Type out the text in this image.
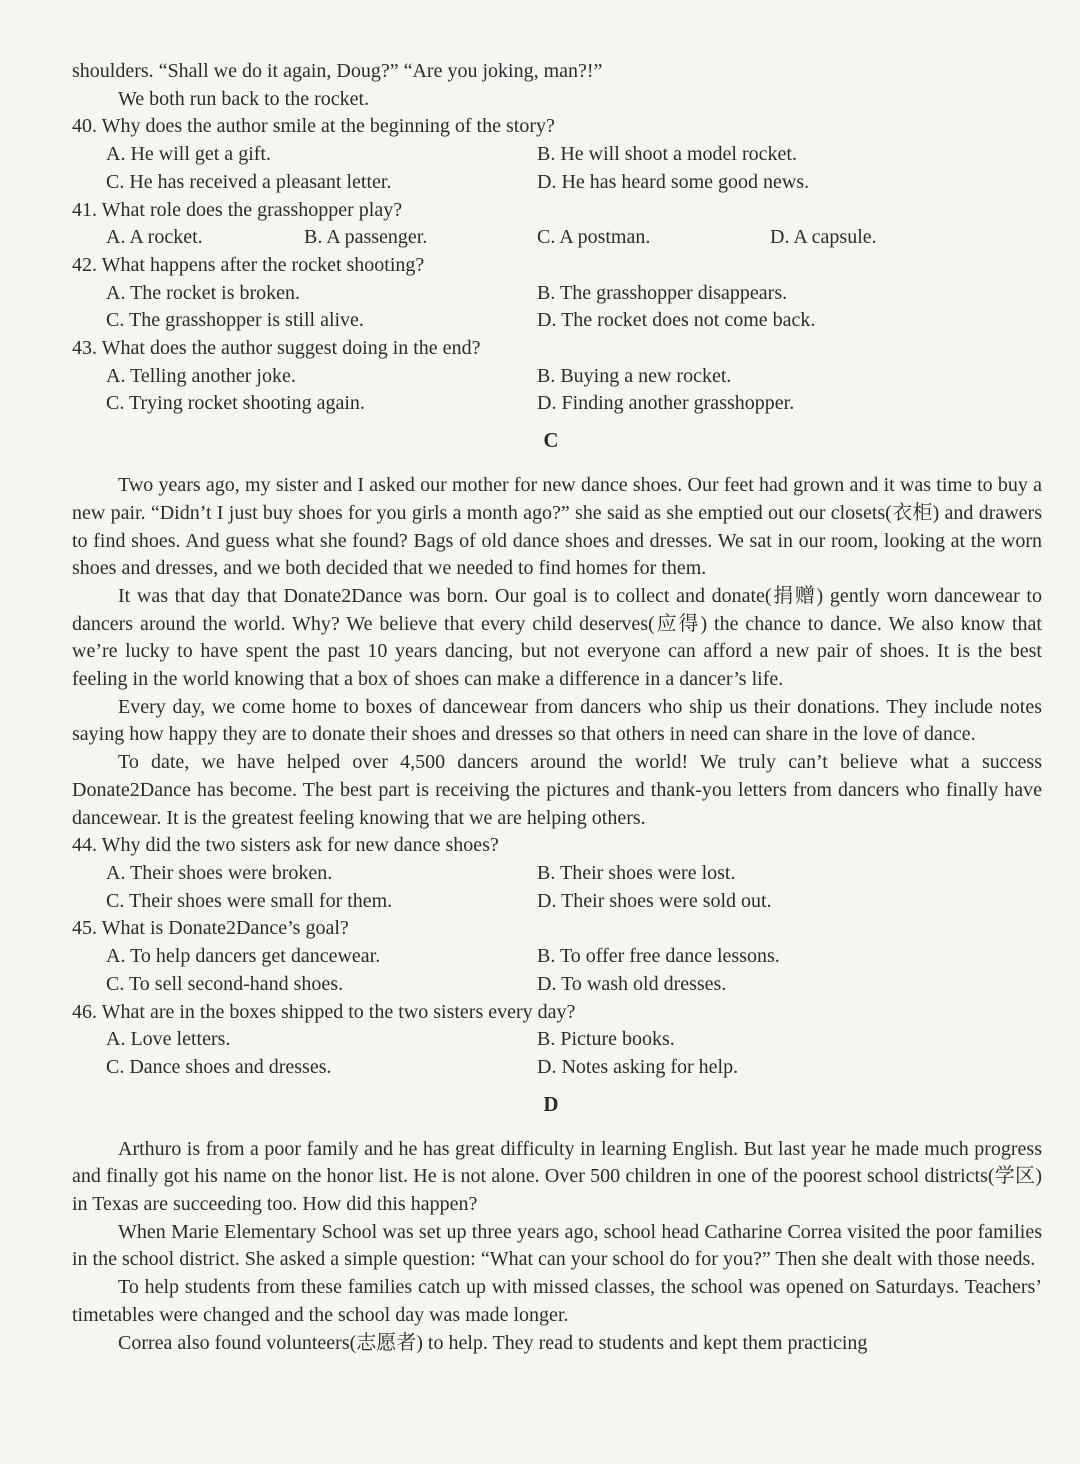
shoulders. “Shall we do it again, Doug?” “Are you joking, man?!”
We both run back to the rocket.
40. Why does the author smile at the beginning of the story?
A. He will get a gift.	B. He will shoot a model rocket.
C. He has received a pleasant letter.	D. He has heard some good news.
41. What role does the grasshopper play?
A. A rocket.	B. A passenger.	C. A postman.	D. A capsule.
42. What happens after the rocket shooting?
A. The rocket is broken.	B. The grasshopper disappears.
C. The grasshopper is still alive.	D. The rocket does not come back.
43. What does the author suggest doing in the end?
A. Telling another joke.	B. Buying a new rocket.
C. Trying rocket shooting again.	D. Finding another grasshopper.
C

Two years ago, my sister and I asked our mother for new dance shoes. Our feet had grown and it was time to buy a new pair. “Didn’t I just buy shoes for you girls a month ago?” she said as she emptied out our closets(衣柜) and drawers to find shoes. And guess what she found? Bags of old dance shoes and dresses. We sat in our room, looking at the worn shoes and dresses, and we both decided that we needed to find homes for them.

It was that day that Donate2Dance was born. Our goal is to collect and donate(捐赠) gently worn dancewear to dancers around the world. Why? We believe that every child deserves(应得) the chance to dance. We also know that we’re lucky to have spent the past 10 years dancing, but not everyone can afford a new pair of shoes. It is the best feeling in the world knowing that a box of shoes can make a difference in a dancer’s life.

Every day, we come home to boxes of dancewear from dancers who ship us their donations. They include notes saying how happy they are to donate their shoes and dresses so that others in need can share in the love of dance.

To date, we have helped over 4,500 dancers around the world! We truly can’t believe what a success Donate2Dance has become. The best part is receiving the pictures and thank-you letters from dancers who finally have dancewear. It is the greatest feeling knowing that we are helping others.

44. Why did the two sisters ask for new dance shoes?
A. Their shoes were broken.	B. Their shoes were lost.
C. Their shoes were small for them.	D. Their shoes were sold out.
45. What is Donate2Dance’s goal?
A. To help dancers get dancewear.	B. To offer free dance lessons.
C. To sell second-hand shoes.	D. To wash old dresses.
46. What are in the boxes shipped to the two sisters every day?
A. Love letters.	B. Picture books.
C. Dance shoes and dresses.	D. Notes asking for help.
D

Arthuro is from a poor family and he has great difficulty in learning English. But last year he made much progress and finally got his name on the honor list. He is not alone. Over 500 children in one of the poorest school districts(学区) in Texas are succeeding too. How did this happen?

When Marie Elementary School was set up three years ago, school head Catharine Correa visited the poor families in the school district. She asked a simple question: “What can your school do for you?” Then she dealt with those needs.

To help students from these families catch up with missed classes, the school was opened on Saturdays. Teachers’ timetables were changed and the school day was made longer.

Correa also found volunteers(志愿者) to help. They read to students and kept them practicing
